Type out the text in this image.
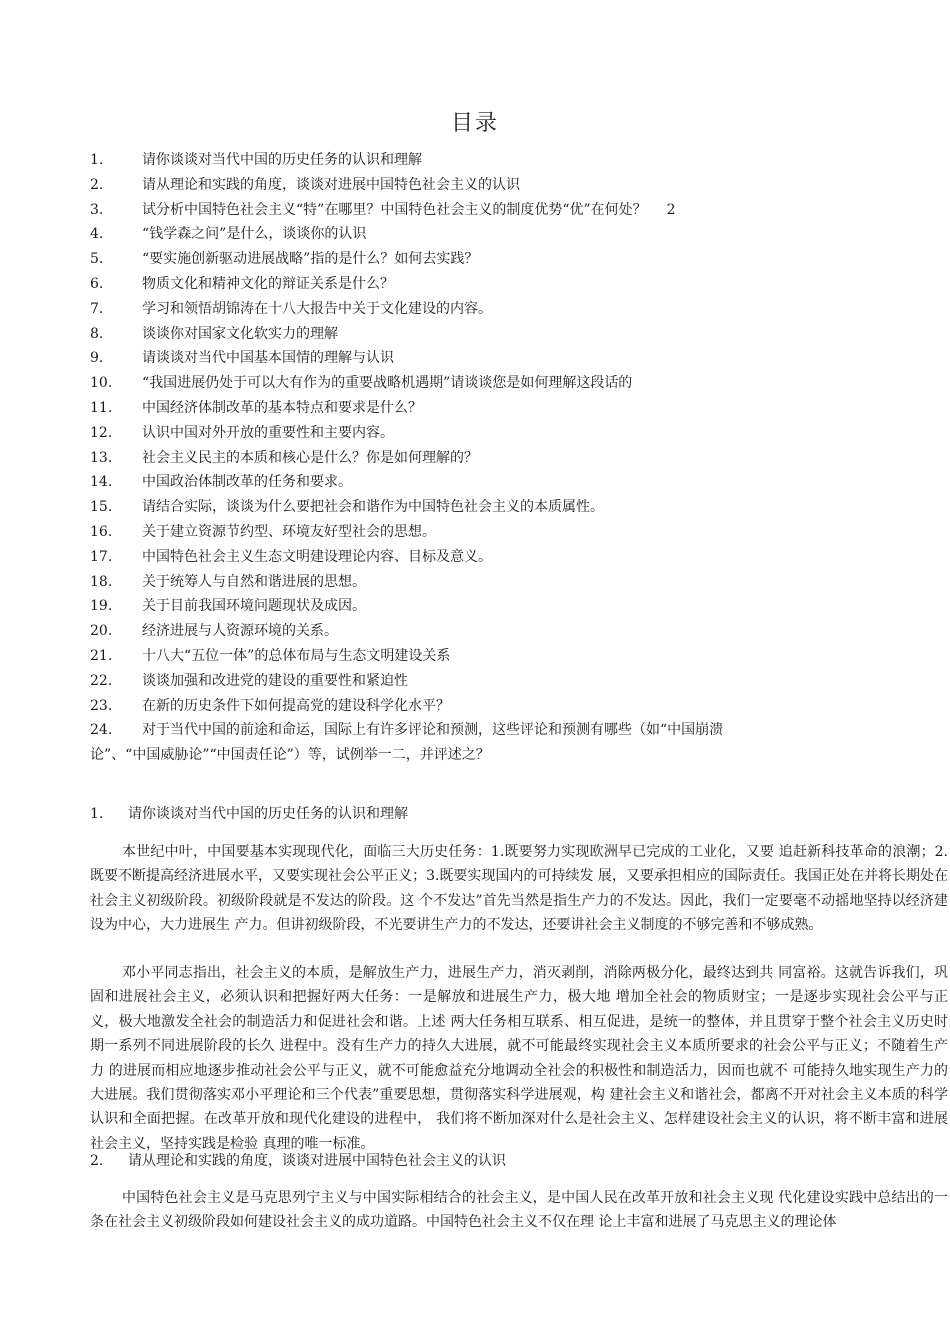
目录
1.	请你谈谈对当代中国的历史任务的认识和理解
2.	请从理论和实践的角度，谈谈对进展中国特色社会主义的认识
3.	试分析中国特色社会主义“特”在哪里？中国特色社会主义的制度优势“优”在何处？ 2
4.	“钱学森之问”是什么，谈谈你的认识
5.	“要实施创新驱动进展战略”指的是什么？如何去实践？
6.	物质文化和精神文化的辩证关系是什么？
7.	学习和领悟胡锦涛在十八大报告中关于文化建设的内容。
8.	谈谈你对国家文化软实力的理解
9.	请谈谈对当代中国基本国情的理解与认识
10. “我国进展仍处于可以大有作为的重要战略机遇期”请谈谈您是如何理解这段话的
11. 中国经济体制改革的基本特点和要求是什么？
12. 认识中国对外开放的重要性和主要内容。
13. 社会主义民主的本质和核心是什么？你是如何理解的？
14. 中国政治体制改革的任务和要求。
15. 请结合实际，谈谈为什么要把社会和谐作为中国特色社会主义的本质属性。
16. 关于建立资源节约型、环境友好型社会的思想。
17. 中国特色社会主义生态文明建设理论内容、目标及意义。
18. 关于统筹人与自然和谐进展的思想。
19. 关于目前我国环境问题现状及成因。
20. 经济进展与人资源环境的关系。
21. 十八大“五位一体”的总体布局与生态文明建设关系
22. 谈谈加强和改进党的建设的重要性和紧迫性
23. 在新的历史条件下如何提高党的建设科学化水平？
24. 对于当代中国的前途和命运，国际上有许多评论和预测，这些评论和预测有哪些（如“中国崩溃
论”、“中国威胁论”“中国责任论”）等，试例举一二，并评述之？
1. 请你谈谈对当代中国的历史任务的认识和理解

本世纪中叶，中国要基本实现现代化，面临三大历史任务：1.既要努力实现欧洲早已完成的工业化，又要 追赶新科技革命的浪潮；2.既要不断提高经济进展水平，又要实现社会公平正义；3.既要实现国内的可持续发 展，又要承担相应的国际责任。我国正处在并将长期处在社会主义初级阶段。初级阶段就是不发达的阶段。这 个不发达”首先当然是指生产力的不发达。因此，我们一定要毫不动摇地坚持以经济建设为中心，大力进展生 产力。但讲初级阶段，不光要讲生产力的不发达，还要讲社会主义制度的不够完善和不够成熟。

邓小平同志指出，社会主义的本质，是解放生产力，进展生产力，消灭剥削，消除两极分化，最终达到共 同富裕。这就告诉我们，巩固和进展社会主义，必须认识和把握好两大任务：一是解放和进展生产力，极大地 增加全社会的物质财宝；一是逐步实现社会公平与正义，极大地激发全社会的制造活力和促进社会和谐。上述 两大任务相互联系、相互促进，是统一的整体，并且贯穿于整个社会主义历史时期一系列不同进展阶段的长久 进程中。没有生产力的持久大进展，就不可能最终实现社会主义本质所要求的社会公平与正义；不随着生产力 的进展而相应地逐步推动社会公平与正义，就不可能愈益充分地调动全社会的积极性和制造活力，因而也就不 可能持久地实现生产力的大进展。我们贯彻落实邓小平理论和三个代表”重要思想，贯彻落实科学进展观，构 建社会主义和谐社会，都离不开对社会主义本质的科学认识和全面把握。在改革开放和现代化建设的进程中， 我们将不断加深对什么是社会主义、怎样建设社会主义的认识，将不断丰富和进展社会主义，坚持实践是检验 真理的唯一标准。

2. 请从理论和实践的角度，谈谈对进展中国特色社会主义的认识

中国特色社会主义是马克思列宁主义与中国实际相结合的社会主义，是中国人民在改革开放和社会主义现 代化建设实践中总结出的一条在社会主义初级阶段如何建设社会主义的成功道路。中国特色社会主义不仅在理 论上丰富和进展了马克思主义的理论体
